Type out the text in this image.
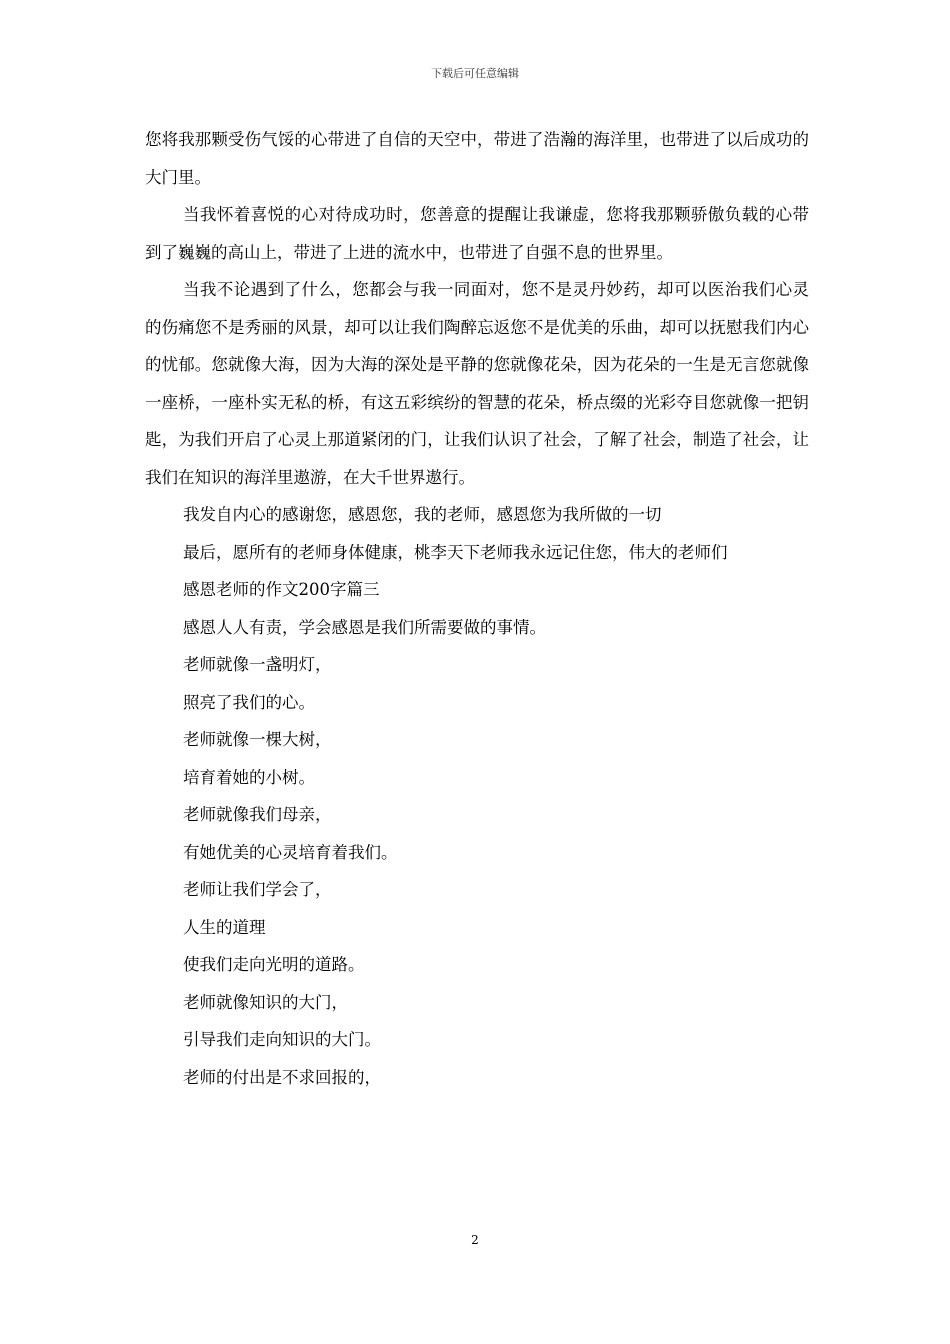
下载后可任意编辑

您将我那颗受伤气馁的心带进了自信的天空中，带进了浩瀚的海洋里，也带进了以后成功的大门里。

当我怀着喜悦的心对待成功时，您善意的提醒让我谦虚，您将我那颗骄傲负载的心带到了巍巍的高山上，带进了上进的流水中，也带进了自强不息的世界里。

当我不论遇到了什么，您都会与我一同面对，您不是灵丹妙药，却可以医治我们心灵的伤痛您不是秀丽的风景，却可以让我们陶醉忘返您不是优美的乐曲，却可以抚慰我们内心的忧郁。您就像大海，因为大海的深处是平静的您就像花朵，因为花朵的一生是无言您就像一座桥，一座朴实无私的桥，有这五彩缤纷的智慧的花朵，桥点缀的光彩夺目您就像一把钥匙，为我们开启了心灵上那道紧闭的门，让我们认识了社会，了解了社会，制造了社会，让我们在知识的海洋里遨游，在大千世界遨行。

我发自内心的感谢您，感恩您，我的老师，感恩您为我所做的一切

最后，愿所有的老师身体健康，桃李天下老师我永远记住您，伟大的老师们

感恩老师的作文200字篇三

感恩人人有责，学会感恩是我们所需要做的事情。

老师就像一盏明灯，

照亮了我们的心。

老师就像一棵大树，

培育着她的小树。

老师就像我们母亲，

有她优美的心灵培育着我们。

老师让我们学会了，

人生的道理

使我们走向光明的道路。

老师就像知识的大门，

引导我们走向知识的大门。

老师的付出是不求回报的，

2
